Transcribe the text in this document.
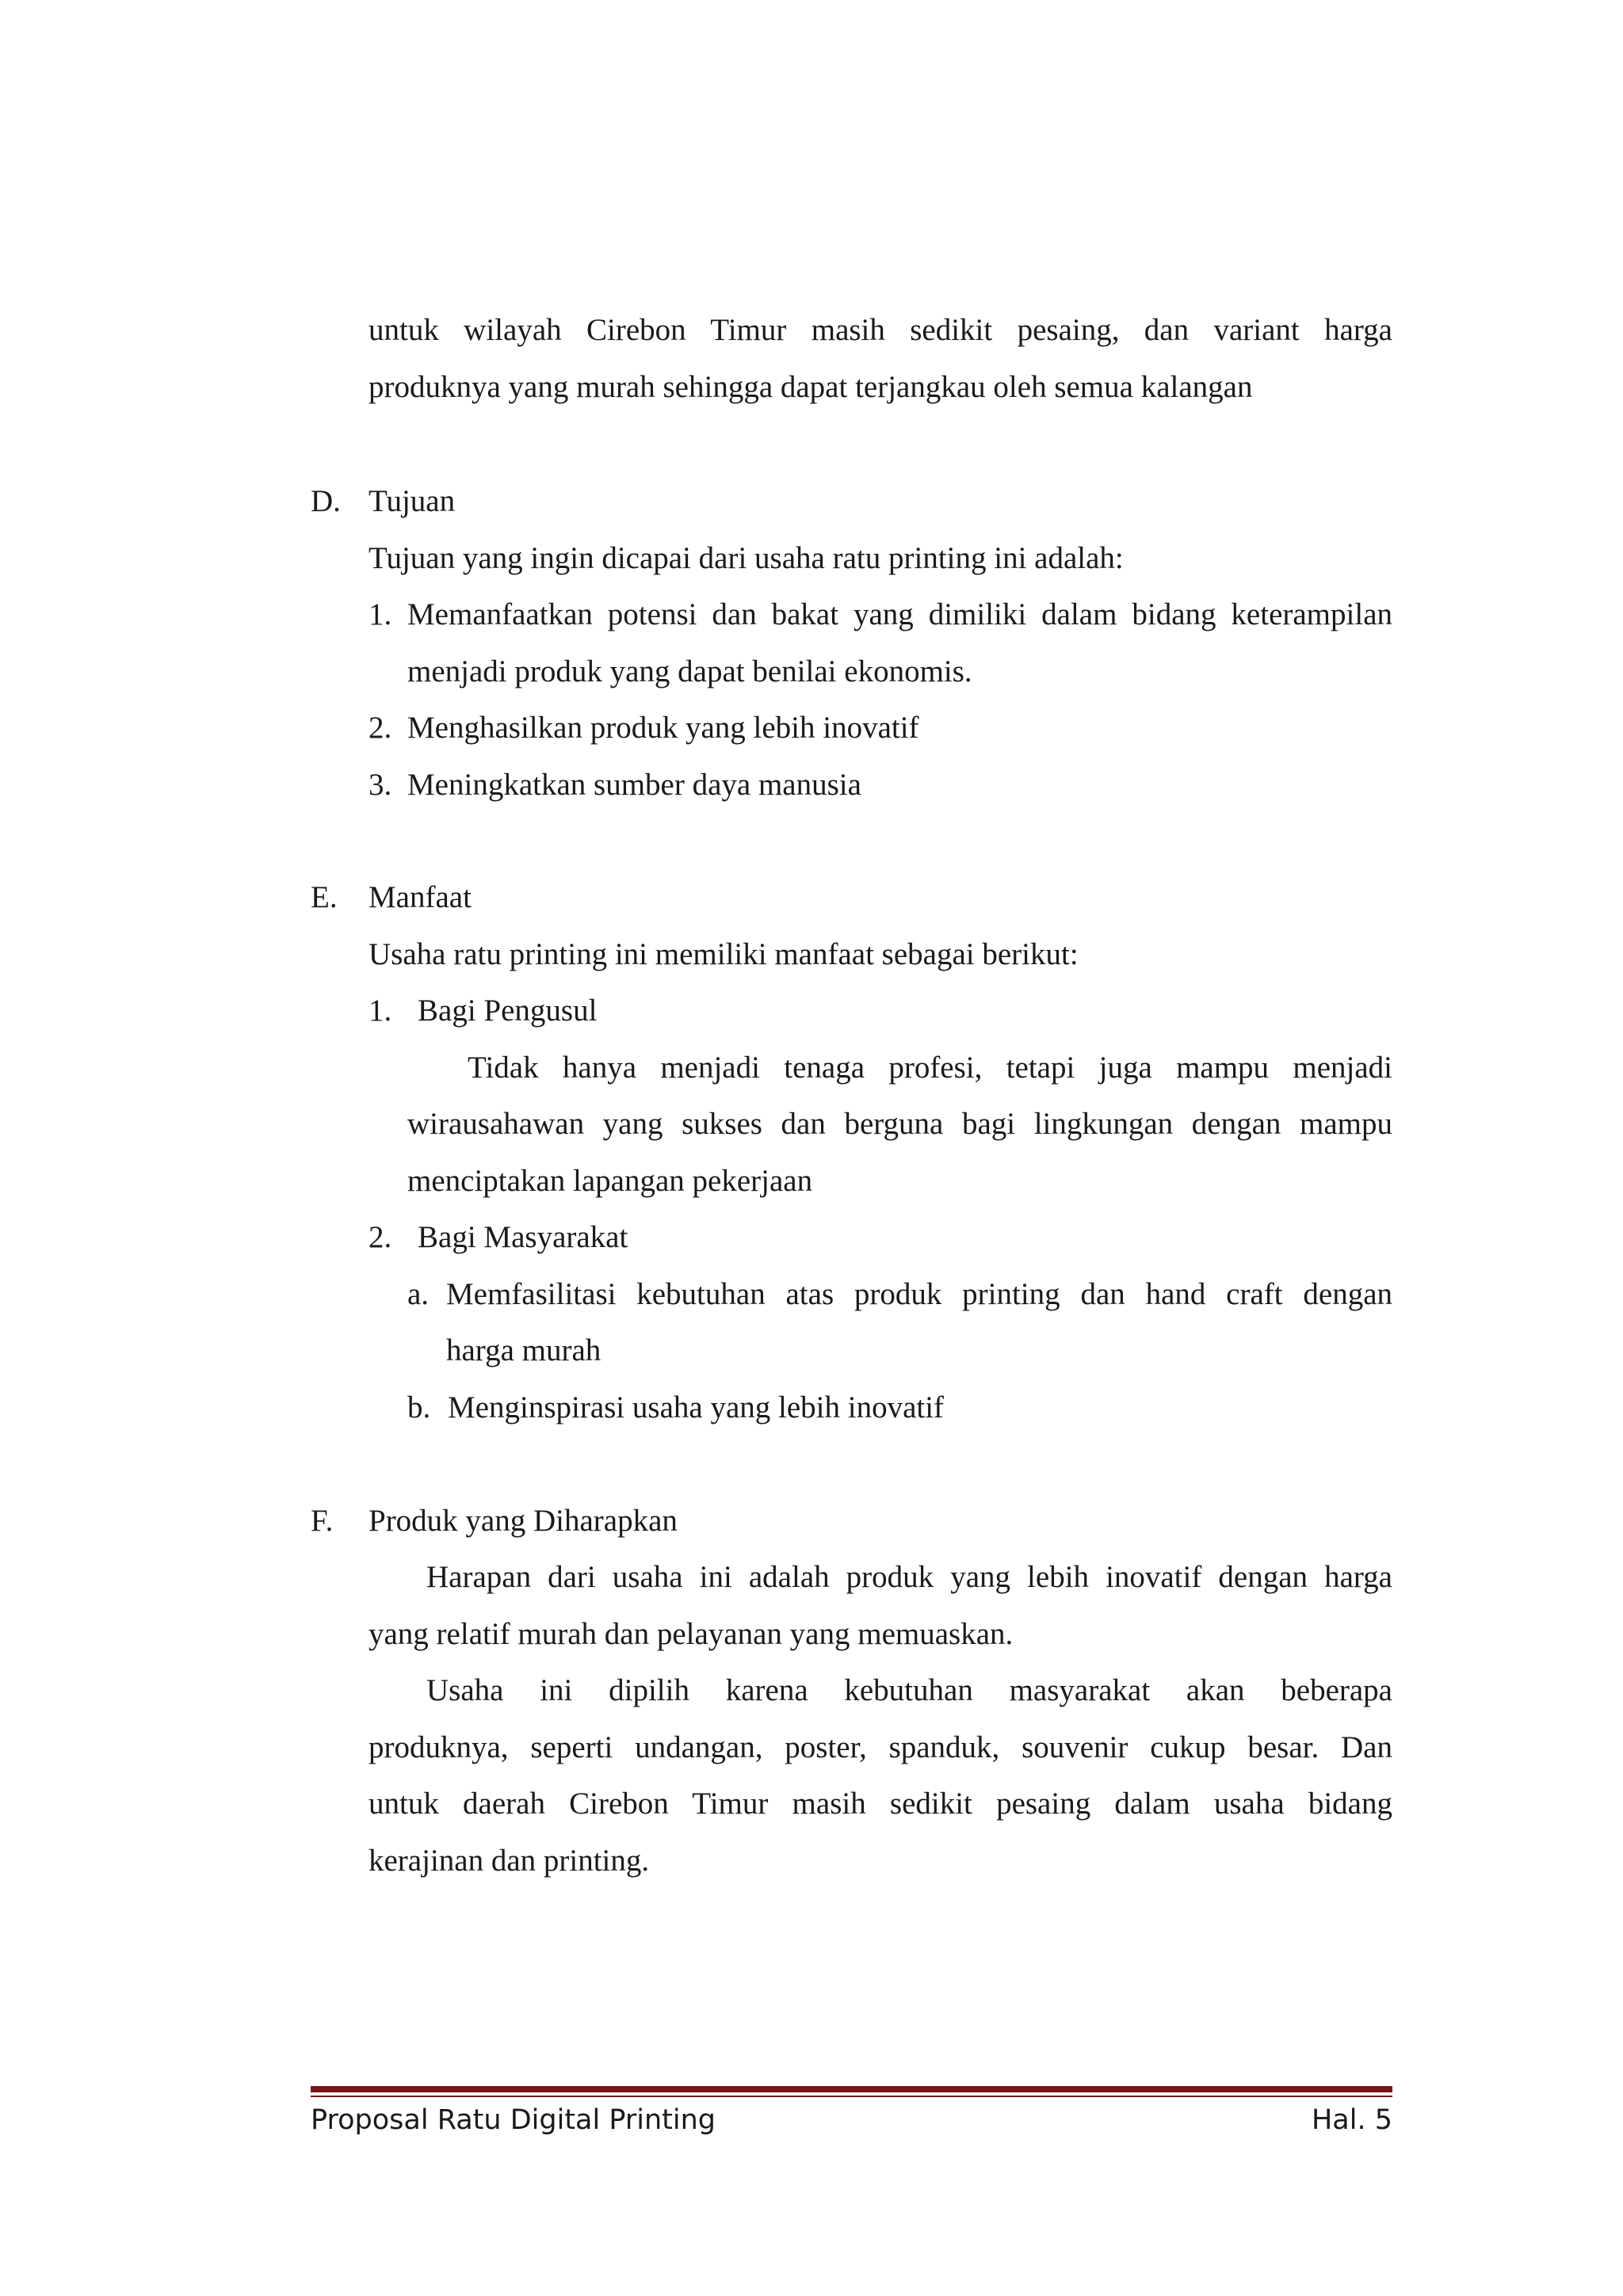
untuk wilayah Cirebon Timur masih sedikit pesaing, dan variant harga
produknya yang murah sehingga dapat terjangkau oleh semua kalangan
D. Tujuan
Tujuan yang ingin dicapai dari usaha ratu printing ini adalah:
1. Memanfaatkan potensi dan bakat yang dimiliki dalam bidang keterampilan
menjadi produk yang dapat benilai ekonomis.
2. Menghasilkan produk yang lebih inovatif
3. Meningkatkan sumber daya manusia
E. Manfaat
Usaha ratu printing ini memiliki manfaat sebagai berikut:
1. Bagi Pengusul
Tidak hanya menjadi tenaga profesi, tetapi juga mampu menjadi
wirausahawan yang sukses dan berguna bagi lingkungan dengan mampu
menciptakan lapangan pekerjaan
2. Bagi Masyarakat
a. Memfasilitasi kebutuhan atas produk printing dan hand craft dengan
harga murah
b. Menginspirasi usaha yang lebih inovatif
F. Produk yang Diharapkan
Harapan dari usaha ini adalah produk yang lebih inovatif dengan harga
yang relatif murah dan pelayanan yang memuaskan.
Usaha ini dipilih karena kebutuhan masyarakat akan beberapa
produknya, seperti undangan, poster, spanduk, souvenir cukup besar. Dan
untuk daerah Cirebon Timur masih sedikit pesaing dalam usaha bidang
kerajinan dan printing.
Proposal Ratu Digital Printing	Hal. 5
